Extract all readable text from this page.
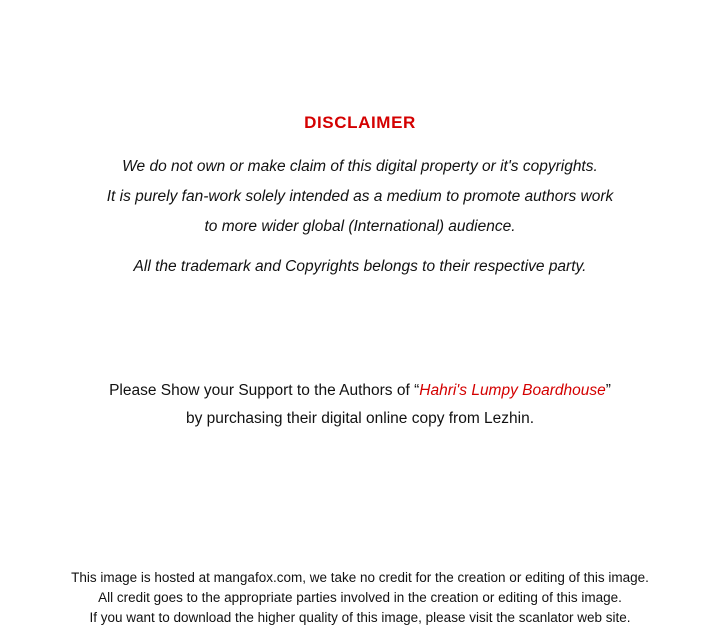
DISCLAIMER
We do not own or make claim of this digital property or it's copyrights.
It is purely fan-work solely intended as a medium to promote authors work
to more wider global (International) audience.
All the trademark and Copyrights belongs to their respective party.
Please Show your Support to the Authors of “Hahri's Lumpy Boardhouse”
by purchasing their digital online copy from Lezhin.
This image is hosted at mangafox.com, we take no credit for the creation or editing of this image.
All credit goes to the appropriate parties involved in the creation or editing of this image.
If you want to download the higher quality of this image, please visit the scanlator web site.
